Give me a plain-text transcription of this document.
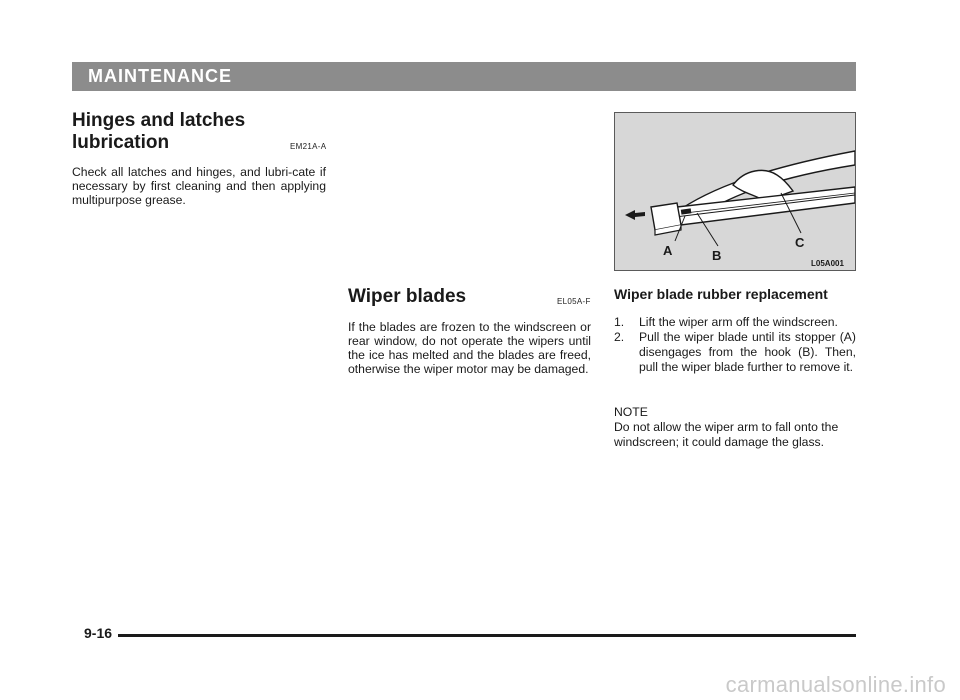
MAINTENANCE
Hinges and latches
lubrication	EM21A-A
Check all latches and hinges, and lubri-cate if necessary by first cleaning and then applying multipurpose grease.
Wiper blades	EL05A-F
If the blades are frozen to the windscreen or rear window, do not operate the wipers until the ice has melted and the blades are freed, otherwise the wiper motor may be damaged.
A	B
C
L05A001
Wiper blade rubber replacement
1.	Lift the wiper arm off the windscreen.
2.	Pull the wiper blade until its stopper (A) disengages from the hook (B). Then, pull the wiper blade further to remove it.
NOTE
Do not allow the wiper arm to fall onto the windscreen; it could damage the glass.
9-16
carmanualsonline.info
